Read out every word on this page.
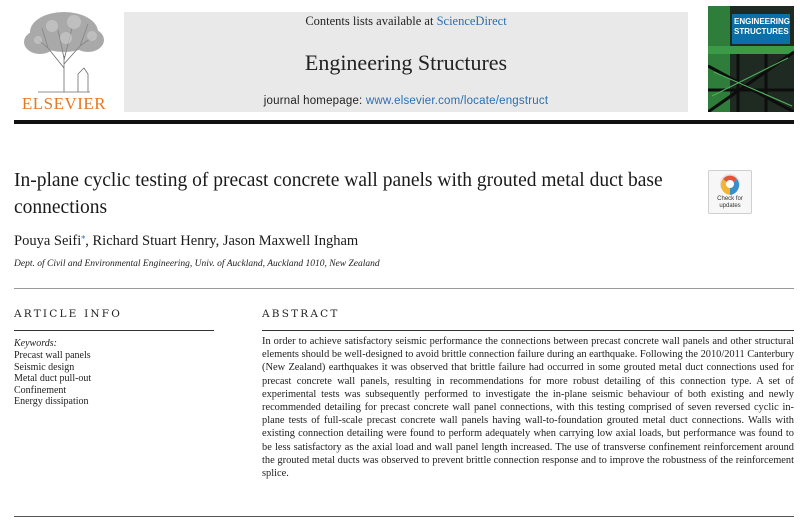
ELSEVIER
Contents lists available at ScienceDirect
Engineering Structures
journal homepage: www.elsevier.com/locate/engstruct
ENGINEERING STRUCTURES
In-plane cyclic testing of precast concrete wall panels with grouted metal duct base connections	Check for
updates
Pouya Seifi⁎, Richard Stuart Henry, Jason Maxwell Ingham
Dept. of Civil and Environmental Engineering, Univ. of Auckland, Auckland 1010, New Zealand
ARTICLE INFO
Keywords:
Precast wall panels
Seismic design
Metal duct pull-out
Confinement
Energy dissipation
ABSTRACT
In order to achieve satisfactory seismic performance the connections between precast concrete wall panels and other structural elements should be well-designed to avoid brittle connection failure during an earthquake. Following the 2010/2011 Canterbury (New Zealand) earthquakes it was observed that brittle failure had occurred in some grouted metal duct connections used for precast concrete wall panels, resulting in recommendations for more robust detailing of this connection type. A set of experimental tests was subsequently performed to investigate the in-plane seismic behaviour of both existing and newly recommended detailing for precast concrete wall panel connections, with this testing comprised of seven reversed cyclic in-plane tests of full-scale precast concrete wall panels having wall-to-foundation grouted metal duct connections. Walls with existing connection detailing were found to perform adequately when carrying low axial loads, but performance was found to be less satisfactory as the axial load and wall panel length increased. The use of transverse confinement reinforcement around the grouted metal ducts was observed to prevent brittle connection response and to improve the robustness of the reinforcement splice.
